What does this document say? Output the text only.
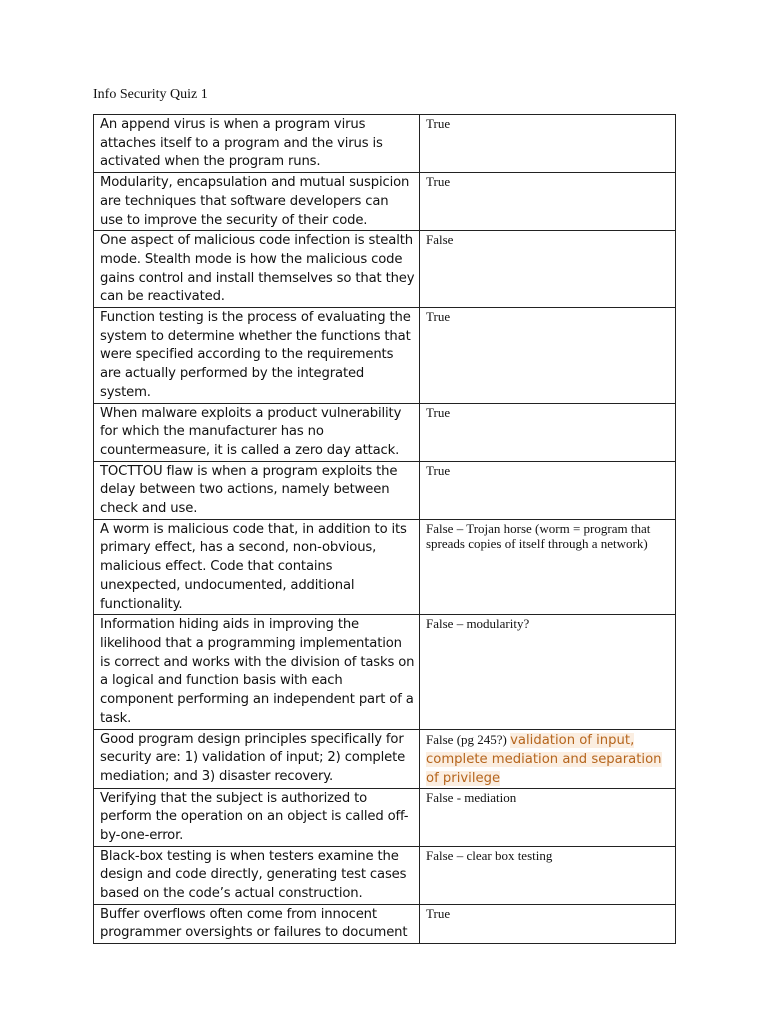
Info Security Quiz 1
An append virus is when a program virus attaches itself to a program and the virus is activated when the program runs.	True
Modularity, encapsulation and mutual suspicion are techniques that software developers can use to improve the security of their code.	True
One aspect of malicious code infection is stealth mode. Stealth mode is how the malicious code gains control and install themselves so that they can be reactivated.	False
Function testing is the process of evaluating the system to determine whether the functions that were specified according to the requirements are actually performed by the integrated system.	True
When malware exploits a product vulnerability for which the manufacturer has no countermeasure, it is called a zero day attack.	True
TOCTTOU flaw is when a program exploits the delay between two actions, namely between check and use.	True
A worm is malicious code that, in addition to its primary effect, has a second, non-obvious, malicious effect. Code that contains unexpected, undocumented, additional functionality.	False – Trojan horse (worm = program that spreads copies of itself through a network)
Information hiding aids in improving the likelihood that a programming implementation is correct and works with the division of tasks on a logical and function basis with each component performing an independent part of a task.	False – modularity?
Good program design principles specifically for security are: 1) validation of input; 2) complete mediation; and 3) disaster recovery.	False (pg 245?) validation of input, complete mediation and separation of privilege
Verifying that the subject is authorized to perform the operation on an object is called off-by-one-error.	False - mediation
Black-box testing is when testers examine the design and code directly, generating test cases based on the code’s actual construction.	False – clear box testing
Buffer overflows often come from innocent programmer oversights or failures to document	True
